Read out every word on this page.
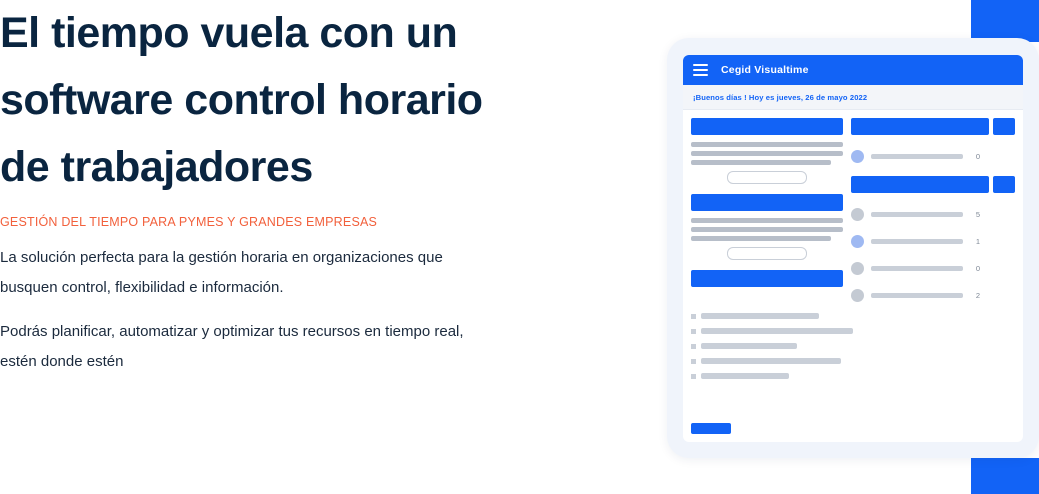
El tiempo vuela con un software control horario de trabajadores
GESTIÓN DEL TIEMPO PARA PYMES Y GRANDES EMPRESAS

La solución perfecta para la gestión horaria en organizaciones que busquen control, flexibilidad e información.

Podrás planificar, automatizar y optimizar tus recursos en tiempo real, estén donde estén

Cegid Visualtime
¡Buenos días ! Hoy es jueves, 26 de mayo 2022
0
5
1
0
2
